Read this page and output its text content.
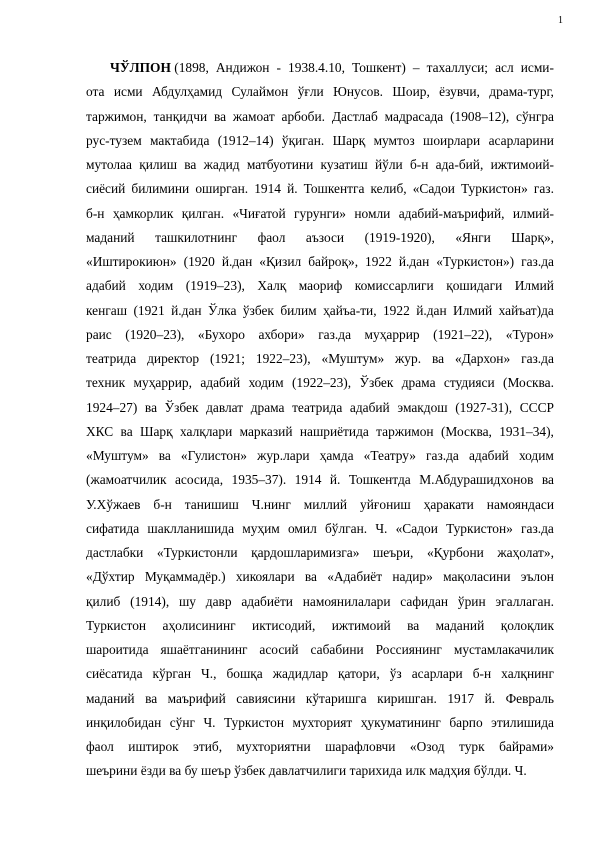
1
ЧЎЛПОН (1898, Андижон - 1938.4.10, Тошкент) – тахаллуси; асл исми-
ота исми Абдулҳамид Сулаймон ўғли Юнусов. Шоир, ёзувчи, драма-тург,
таржимон, танқидчи ва жамоат арбоби. Дастлаб мадрасада (1908–12), сўнгра
рус-тузем мактабида (1912–14) ўқиган. Шарқ мумтоз шоирлари асарларини
мутолаа қилиш ва жадид матбуотини кузатиш йўли б-н ада-бий, ижтимоий-
сиёсий билимини оширган. 1914 й. Тошкентга келиб, «Садои Туркистон» газ.
б-н ҳамкорлик қилган. «Чиғатой гурунги» номли адабий-маърифий, илмий-
маданий ташкилотнинг фаол аъзоси (1919-1920), «Янги Шарқ»,
«Иштирокиюн» (1920 й.дан «Қизил байроқ», 1922 й.дан «Туркистон») газ.да
адабий ходим (1919–23), Халқ маориф комиссарлиги қошидаги Илмий
кенгаш (1921 й.дан Ўлка ўзбек билим ҳайъа-ти, 1922 й.дан Илмий хайъат)да
раис (1920–23), «Бухоро ахбори» газ.да муҳаррир (1921–22), «Турон»
театрида директор (1921; 1922–23), «Муштум» жур. ва «Дархон» газ.да
техник муҳаррир, адабий ходим (1922–23), Ўзбек драма студияси (Москва.
1924–27) ва Ўзбек давлат драма театрида адабий эмакдош (1927-31), СССР
ХКС ва Шарқ халқлари марказий нашриётида таржимон (Москва, 1931–34),
«Муштум» ва «Гулистон» жур.лари ҳамда «Театру» газ.да адабий ходим
(жамоатчилик асосида, 1935–37). 1914 й. Тошкентда М.Абдурашидхонов ва
У.Хўжаев б-н танишиш Ч.нинг миллий уйғониш ҳаракати намояндаси
сифатида шаклланишида муҳим омил бўлган. Ч. «Садои Туркистон» газ.да
дастлабки «Туркистонли қардошларимизга» шеъри, «Қурбони жаҳолат»,
«Дўхтир Муқаммадёр.) хикоялари ва «Адабиёт надир» мақоласини эълон
қилиб (1914), шу давр адабиёти намоянилалари сафидан ўрин эгаллаган.
Туркистон аҳолисининг иктисодий, ижтимоий ва маданий қолоқлик
шароитида яшаётганининг асосий сабабини Россиянинг мустамлакачилик
сиёсатида кўрган Ч., бошқа жадидлар қатори, ўз асарлари б-н халқнинг
маданий ва маърифий савиясини кўтаришга киришган. 1917 й. Февраль
инқилобидан сўнг Ч. Туркистон мухторият ҳукуматининг барпо этилишида
фаол иштирок этиб, мухториятни шарафловчи «Озод турк байрами»
шеърини ёзди ва бу шеър ўзбек давлатчилиги тарихида илк мадҳия бўлди. Ч.
